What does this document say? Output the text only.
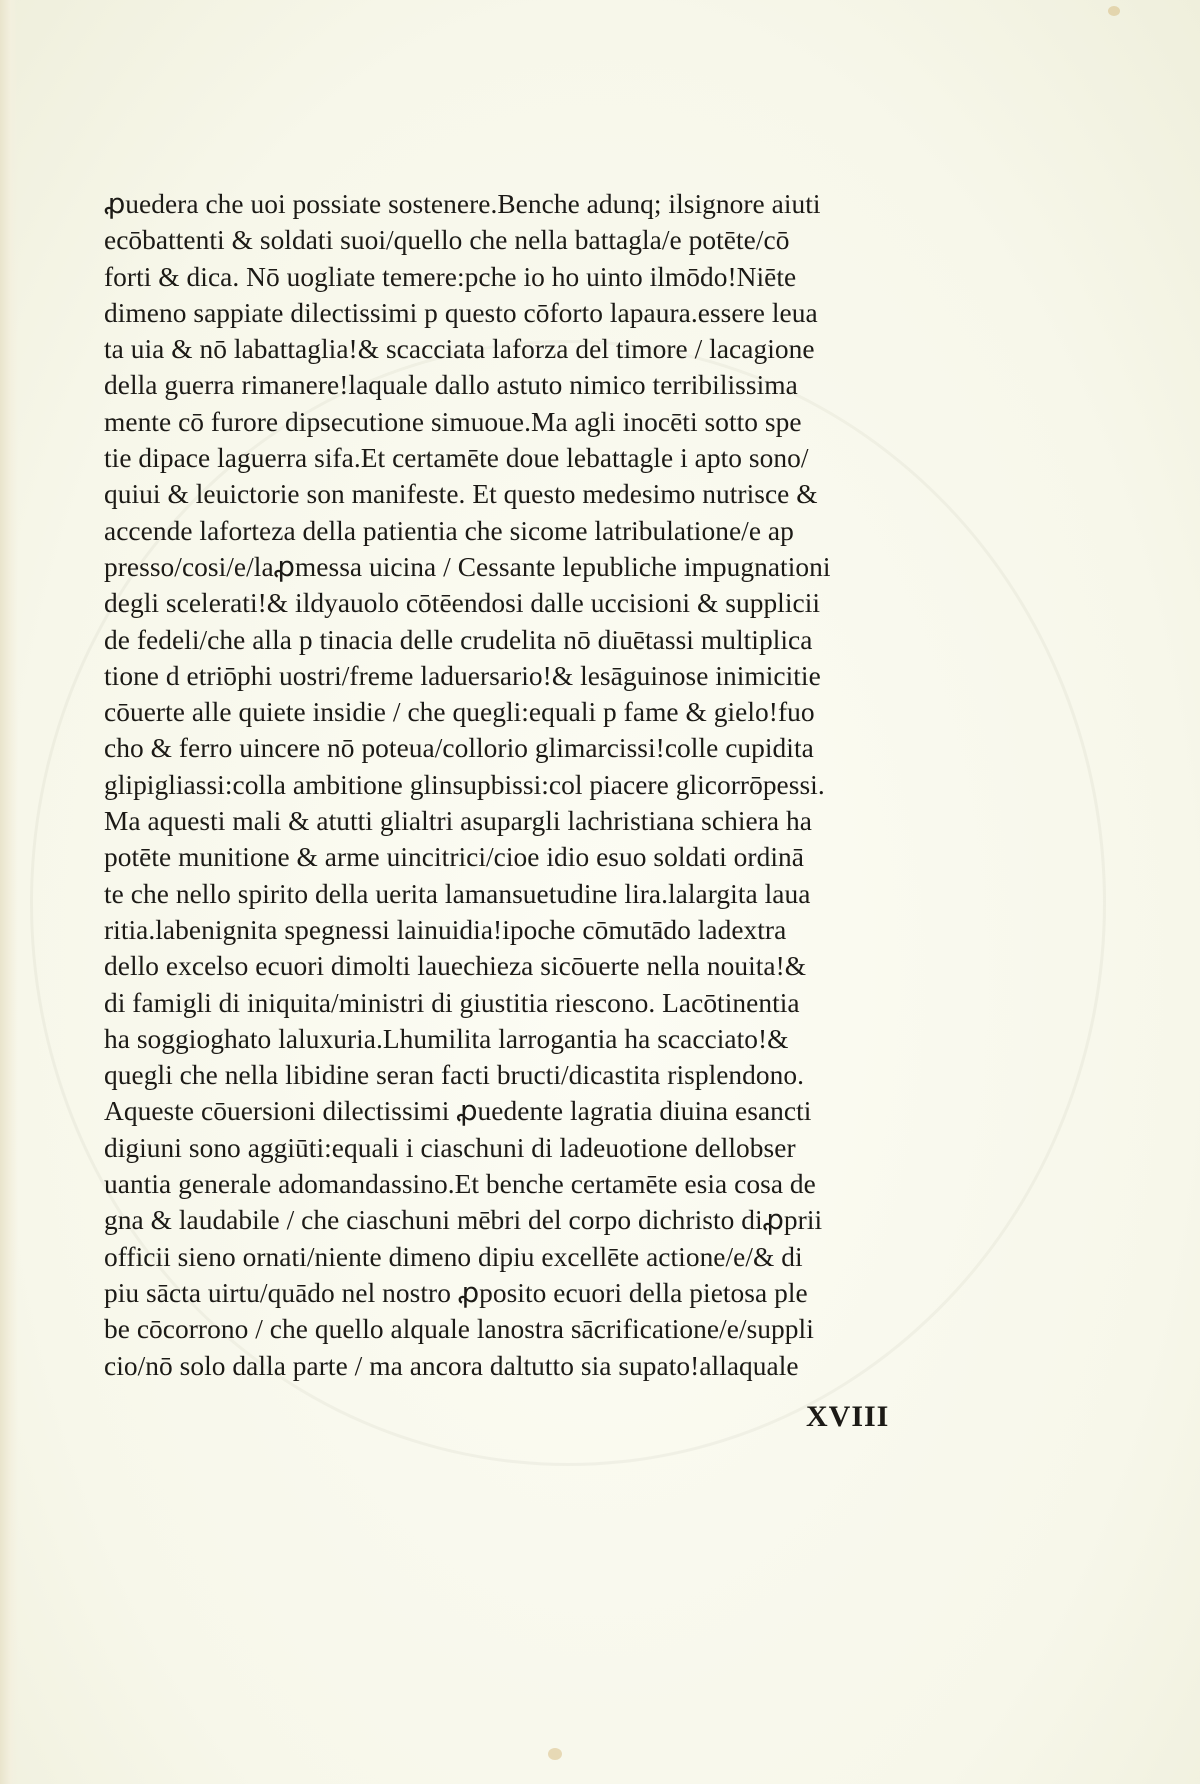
ꝓuedera che uoi possiate sostenere.Benche adunq; ilsignore aiuti
ecōbattenti & soldati suoi/quello che nella battagla/e potēte/cō
forti & dica. Nō uogliate temere:pche io ho uinto ilmōdo!Niēte
dimeno sappiate dilectissimi p questo cōforto lapaura.essere leua
ta uia & nō labattaglia!& scacciata laforza del timore / lacagione
della guerra rimanere!laquale dallo astuto nimico terribilissima
mente cō furore dipsecutione simuoue.Ma agli inocēti sotto spe
tie dipace laguerra sifa.Et certamēte doue lebattagle i apto sono/
quiui & leuictorie son manifeste. Et questo medesimo nutrisce &
accende laforteza della patientia che sicome latribulatione/e ap
presso/cosi/e/laꝓmessa uicina / Cessante lepubliche impugnationi
degli scelerati!& ildyauolo cōtēendosi dalle uccisioni & supplicii
de fedeli/che alla p tinacia delle crudelita nō diuētassi multiplica
tione d etriōphi uostri/freme laduersario!& lesāguinose inimicitie
cōuerte alle quiete insidie / che quegli:equali p fame & gielo!fuo
cho & ferro uincere nō poteua/collorio glimarcissi!colle cupidita
glipigliassi:colla ambitione glinsupbissi:col piacere glicorrōpessi.
Ma aquesti mali & atutti glialtri asupargli lachristiana schiera ha
potēte munitione & arme uincitrici/cioe idio esuo soldati ordinā
te che nello spirito della uerita lamansuetudine lira.lalargita laua
ritia.labenignita spegnessi lainuidia!ipoche cōmutādo ladextra
dello excelso ecuori dimolti lauechieza sicōuerte nella nouita!&
di famigli di iniquita/ministri di giustitia riescono. Lacōtinentia
ha soggioghato laluxuria.Lhumilita larrogantia ha scacciato!&
quegli che nella libidine seran facti bructi/dicastita risplendono.
Aqueste cōuersioni dilectissimi ꝓuedente lagratia diuina esancti
digiuni sono aggiūti:equali i ciaschuni di ladeuotione dellobser
uantia generale adomandassino.Et benche certamēte esia cosa de
gna & laudabile / che ciaschuni mēbri del corpo dichristo diꝓprii
officii sieno ornati/niente dimeno dipiu excellēte actione/e/& di
piu sācta uirtu/quādo nel nostro ꝓposito ecuori della pietosa ple
be cōcorrono / che quello alquale lanostra sācrificatione/e/suppli
cio/nō solo dalla parte / ma ancora daltutto sia supato!allaquale
XVIII
